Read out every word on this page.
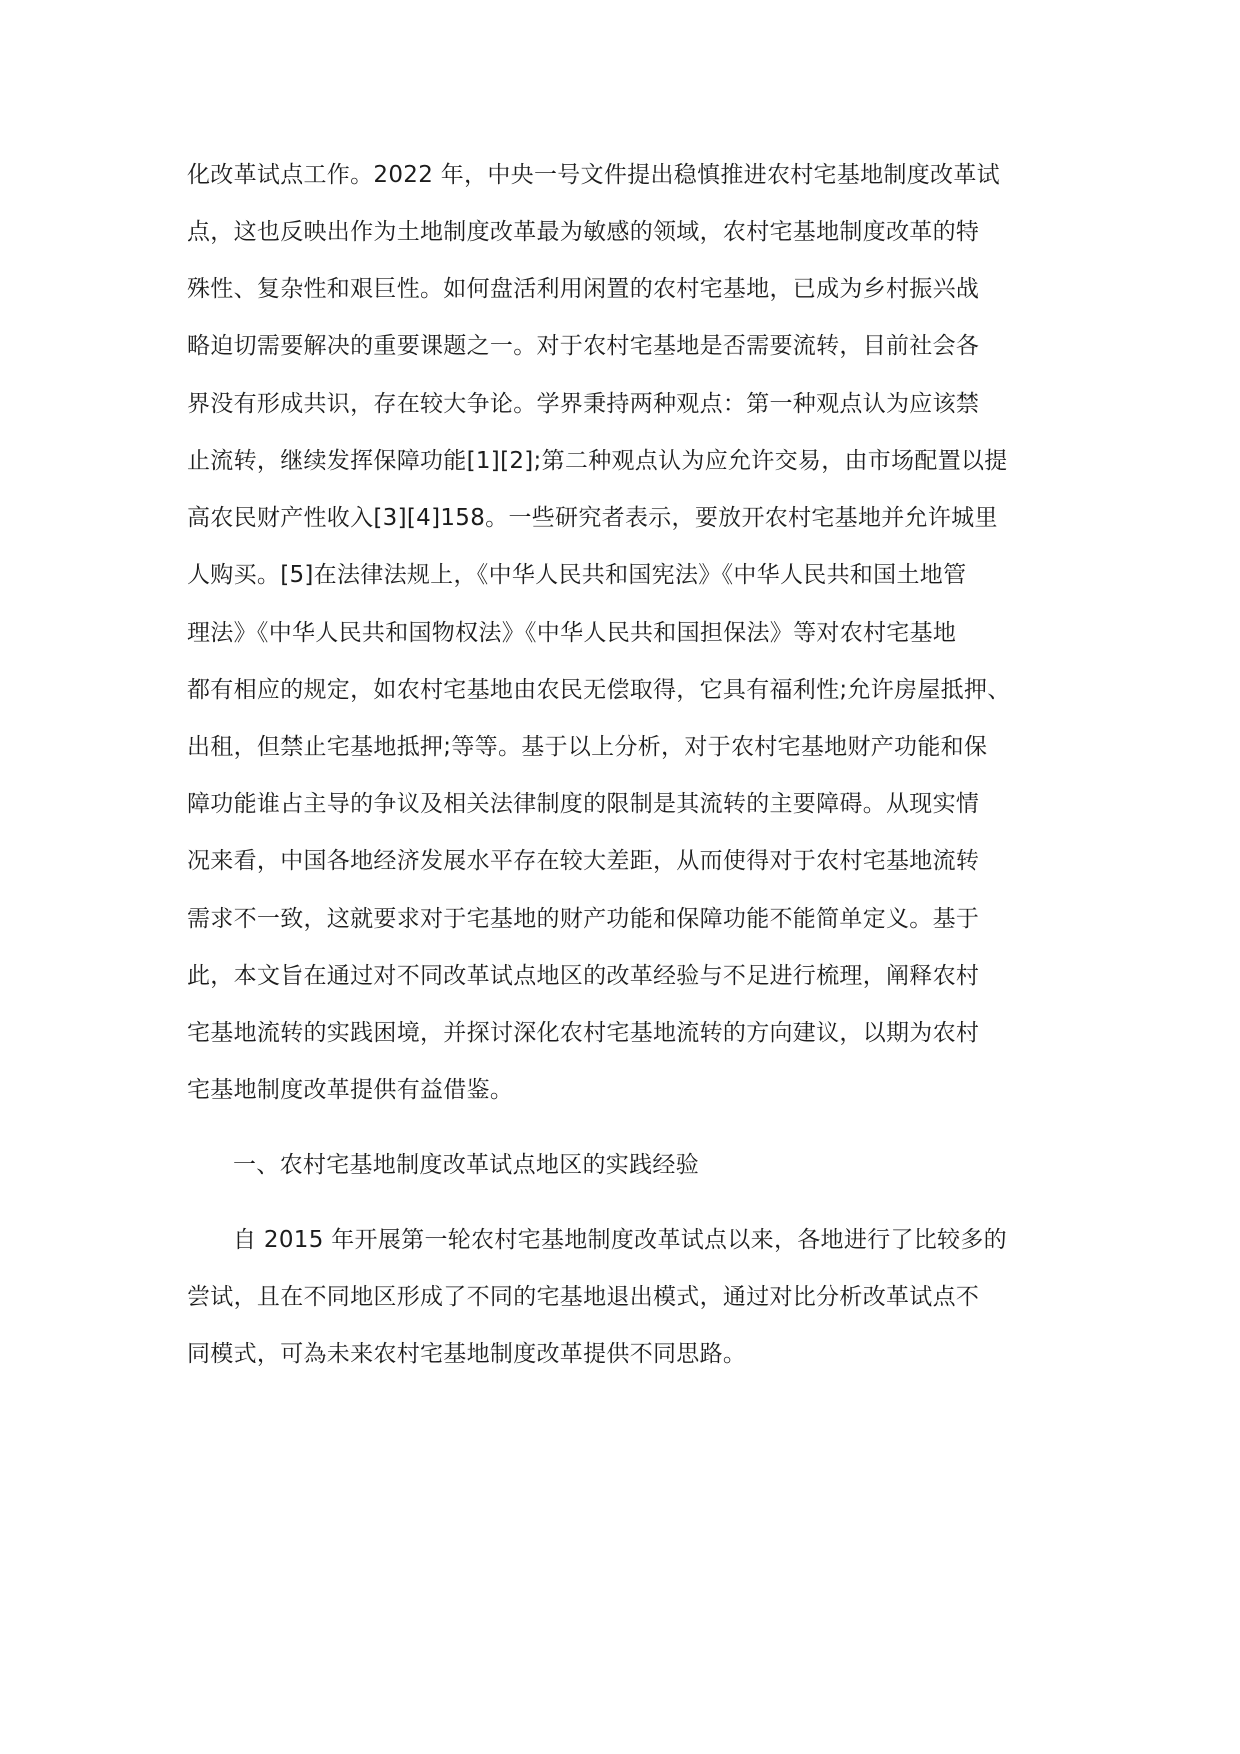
化改革试点工作。2022 年，中央一号文件提出稳慎推进农村宅基地制度改革试
点，这也反映出作为土地制度改革最为敏感的领域，农村宅基地制度改革的特
殊性、复杂性和艰巨性。如何盘活利用闲置的农村宅基地，已成为乡村振兴战
略迫切需要解决的重要课题之一。对于农村宅基地是否需要流转，目前社会各
界没有形成共识，存在较大争论。学界秉持两种观点：第一种观点认为应该禁
止流转，继续发挥保障功能[1][2];第二种观点认为应允许交易，由市场配置以提
高农民财产性收入[3][4]158。一些研究者表示，要放开农村宅基地并允许城里
人购买。[5]在法律法规上，《中华人民共和国宪法》《中华人民共和国土地管
理法》《中华人民共和国物权法》《中华人民共和国担保法》等对农村宅基地
都有相应的规定，如农村宅基地由农民无偿取得，它具有福利性;允许房屋抵押、
出租，但禁止宅基地抵押;等等。基于以上分析，对于农村宅基地财产功能和保
障功能谁占主导的争议及相关法律制度的限制是其流转的主要障碍。从现实情
况来看，中国各地经济发展水平存在较大差距，从而使得对于农村宅基地流转
需求不一致，这就要求对于宅基地的财产功能和保障功能不能简单定义。基于
此，本文旨在通过对不同改革试点地区的改革经验与不足进行梳理，阐释农村
宅基地流转的实践困境，并探讨深化农村宅基地流转的方向建议，以期为农村
宅基地制度改革提供有益借鉴。
一、农村宅基地制度改革试点地区的实践经验
自 2015 年开展第一轮农村宅基地制度改革试点以来，各地进行了比较多的
尝试，且在不同地区形成了不同的宅基地退出模式，通过对比分析改革试点不
同模式，可為未来农村宅基地制度改革提供不同思路。
